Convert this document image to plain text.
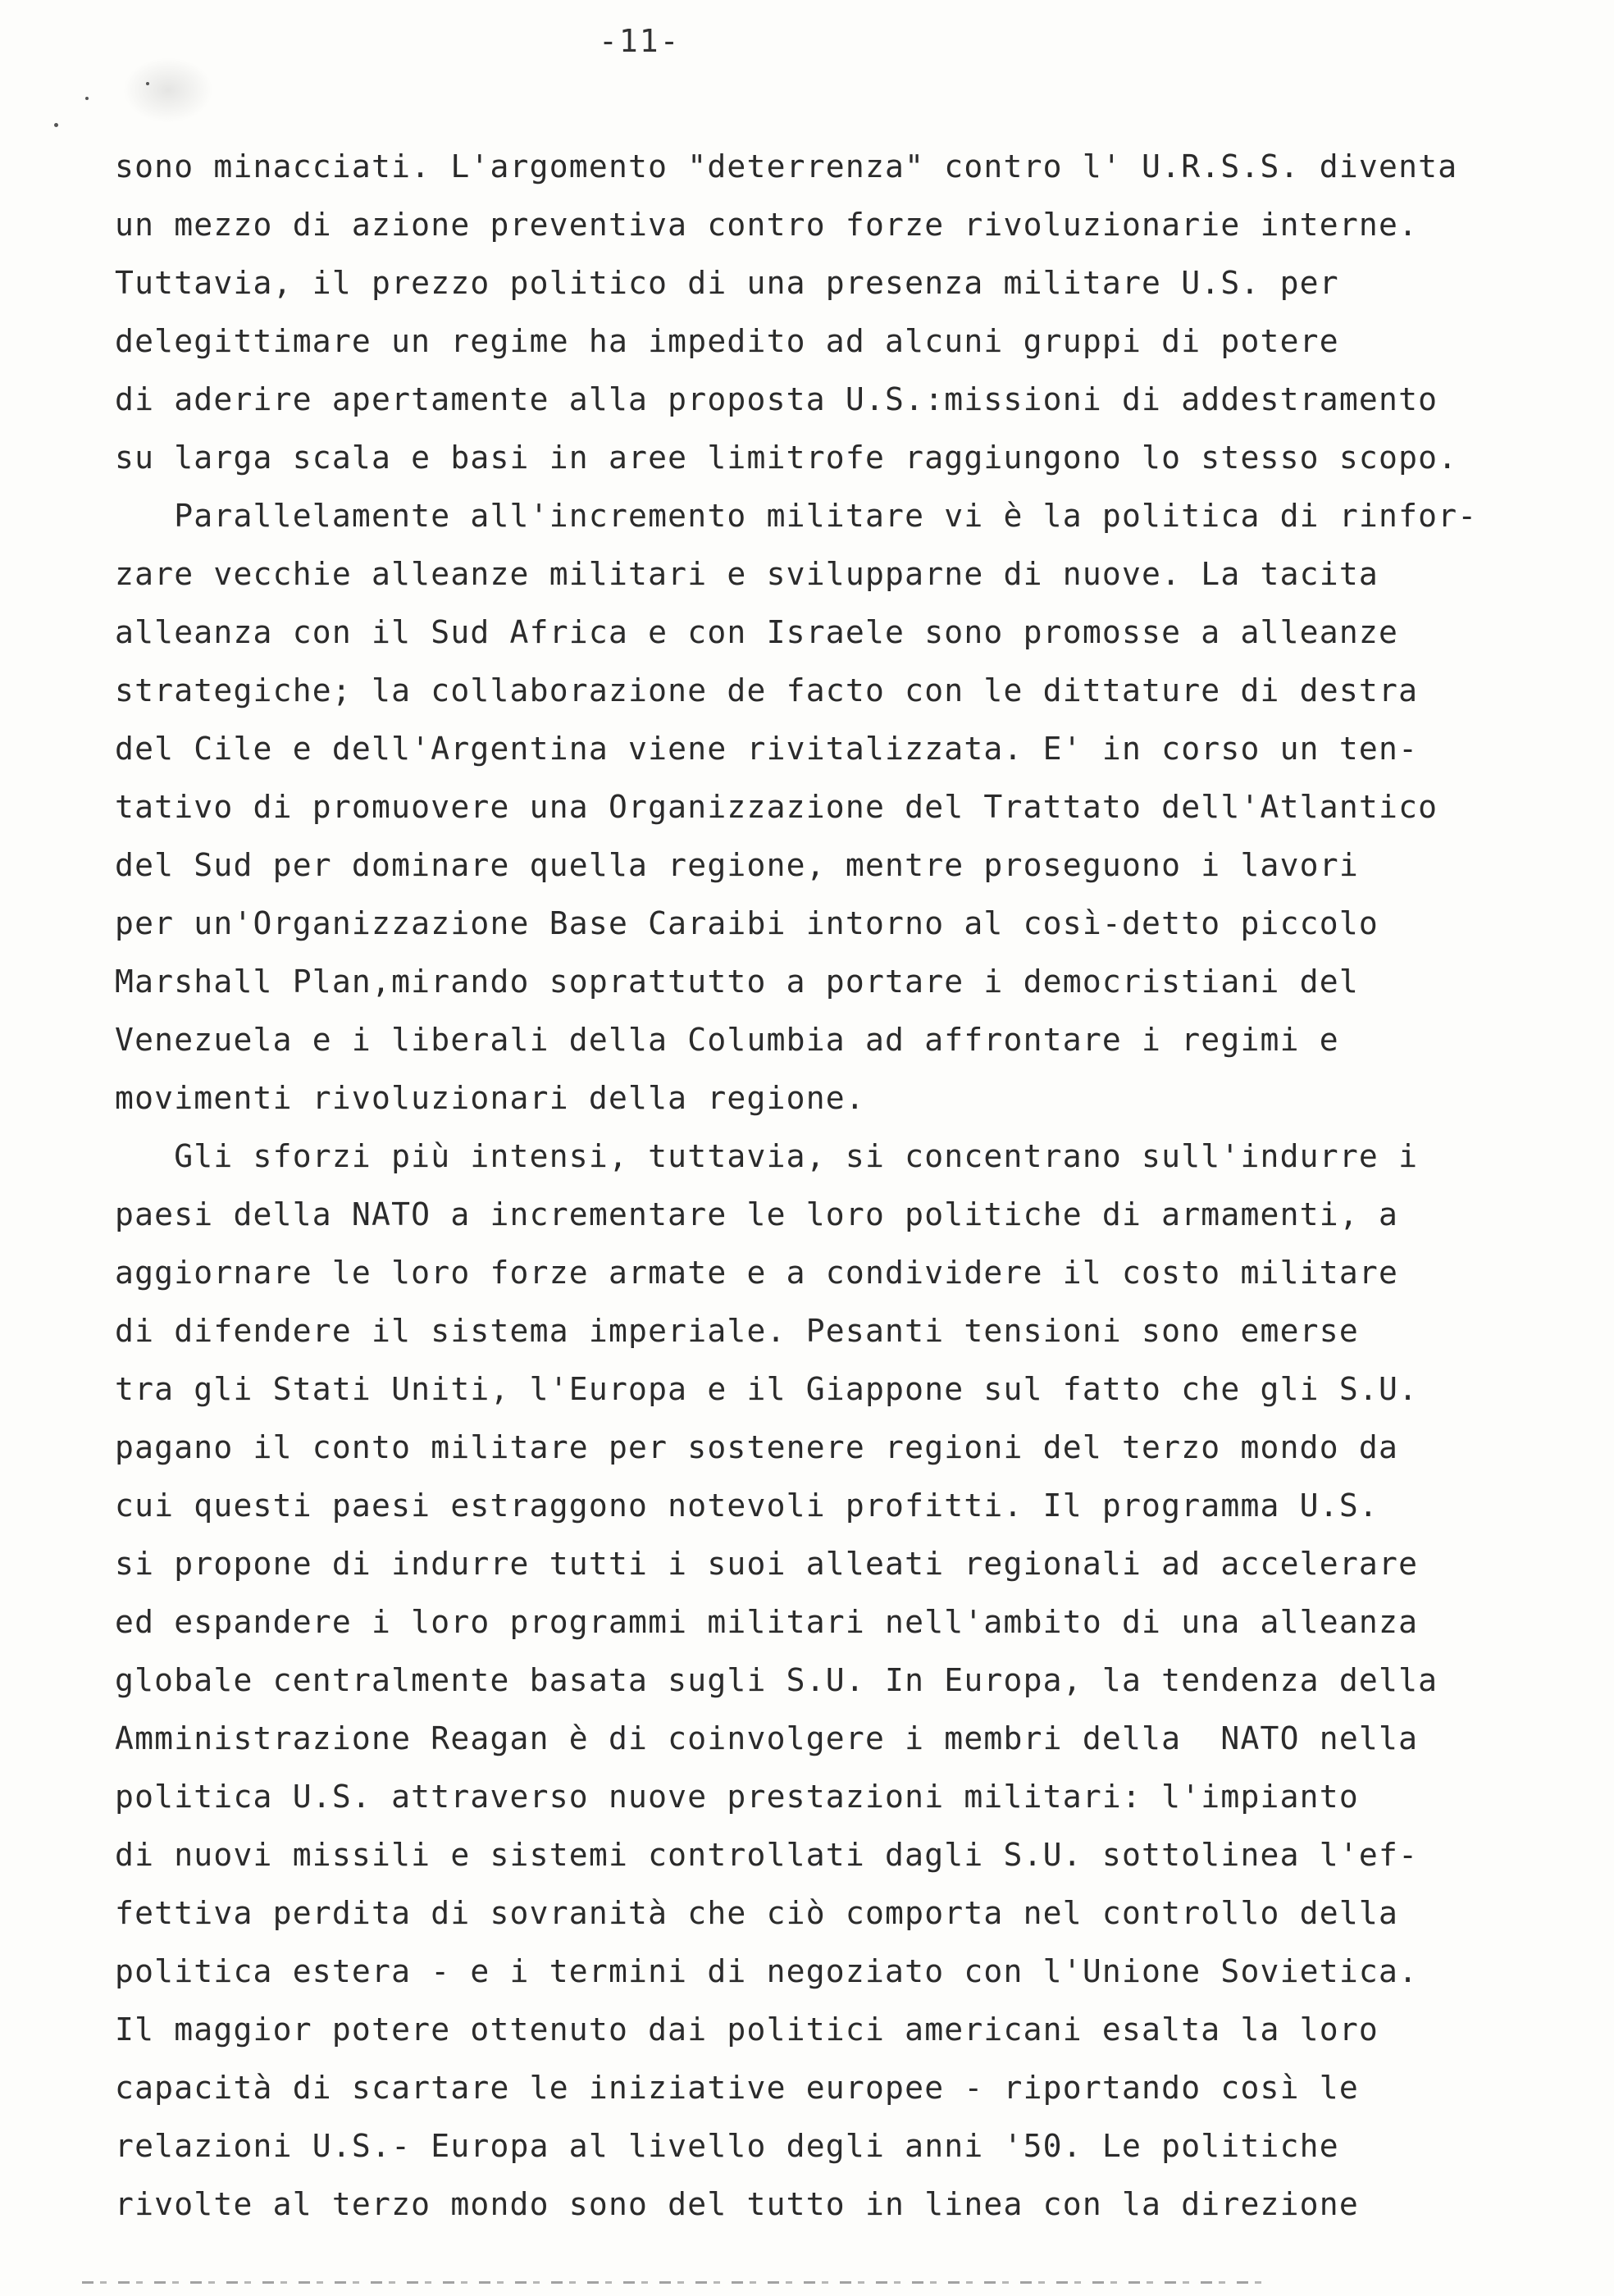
-11-
sono minacciati. L'argomento "deterrenza" contro l' U.R.S.S. diventa
un mezzo di azione preventiva contro forze rivoluzionarie interne.
Tuttavia, il prezzo politico di una presenza militare U.S. per
delegittimare un regime ha impedito ad alcuni gruppi di potere
di aderire apertamente alla proposta U.S.:missioni di addestramento
su larga scala e basi in aree limitrofe raggiungono lo stesso scopo.
Parallelamente all'incremento militare vi è la politica di rinfor-
zare vecchie alleanze militari e svilupparne di nuove. La tacita
alleanza con il Sud Africa e con Israele sono promosse a alleanze
strategiche; la collaborazione de facto con le dittature di destra
del Cile e dell'Argentina viene rivitalizzata. E' in corso un ten-
tativo di promuovere una Organizzazione del Trattato dell'Atlantico
del Sud per dominare quella regione, mentre proseguono i lavori
per un'Organizzazione Base Caraibi intorno al così-detto piccolo
Marshall Plan,mirando soprattutto a portare i democristiani del
Venezuela e i liberali della Columbia ad affrontare i regimi e
movimenti rivoluzionari della regione.
Gli sforzi più intensi, tuttavia, si concentrano sull'indurre i
paesi della NATO a incrementare le loro politiche di armamenti, a
aggiornare le loro forze armate e a condividere il costo militare
di difendere il sistema imperiale. Pesanti tensioni sono emerse
tra gli Stati Uniti, l'Europa e il Giappone sul fatto che gli S.U.
pagano il conto militare per sostenere regioni del terzo mondo da
cui questi paesi estraggono notevoli profitti. Il programma U.S.
si propone di indurre tutti i suoi alleati regionali ad accelerare
ed espandere i loro programmi militari nell'ambito di una alleanza
globale centralmente basata sugli S.U. In Europa, la tendenza della
Amministrazione Reagan è di coinvolgere i membri della  NATO nella
politica U.S. attraverso nuove prestazioni militari: l'impianto
di nuovi missili e sistemi controllati dagli S.U. sottolinea l'ef-
fettiva perdita di sovranità che ciò comporta nel controllo della
politica estera - e i termini di negoziato con l'Unione Sovietica.
Il maggior potere ottenuto dai politici americani esalta la loro
capacità di scartare le iniziative europee - riportando così le
relazioni U.S.- Europa al livello degli anni '50. Le politiche
rivolte al terzo mondo sono del tutto in linea con la direzione
